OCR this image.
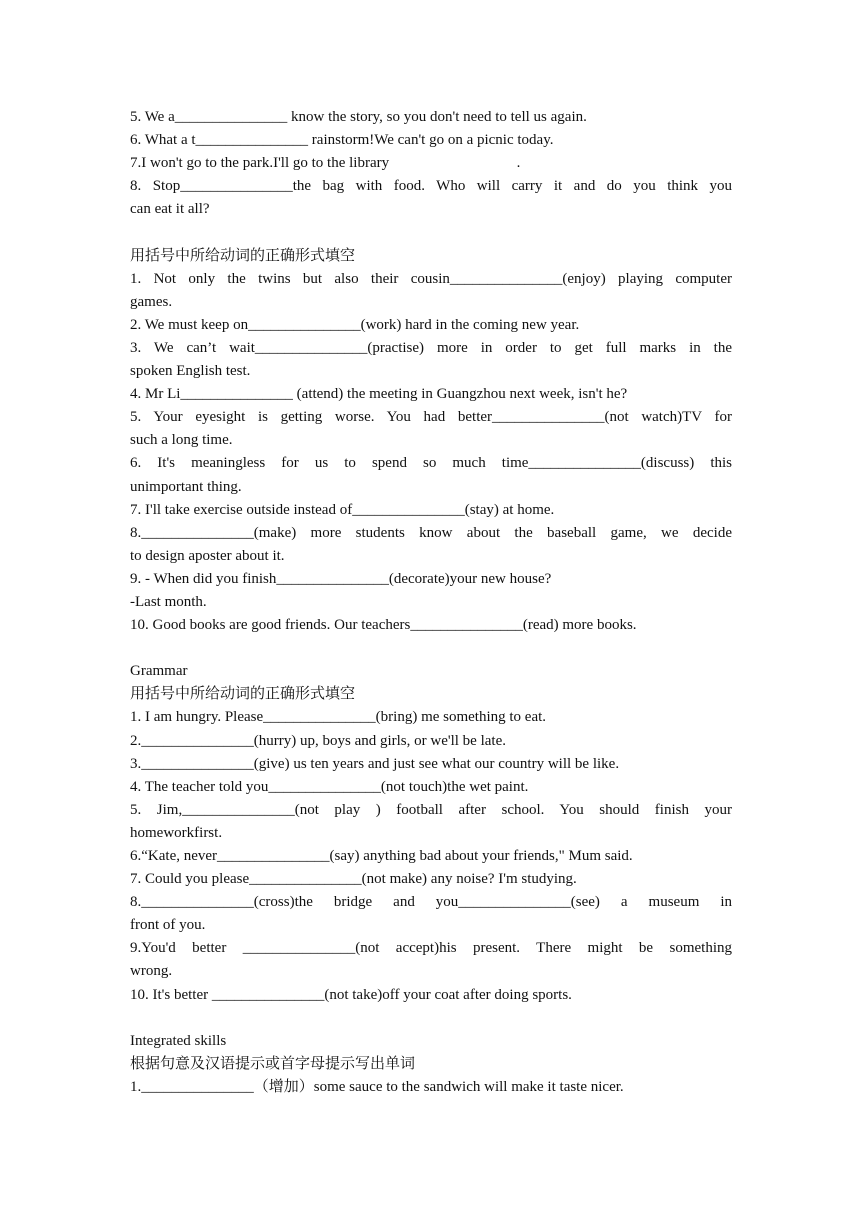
5. We a_______________ know the story, so you don't need to tell us again.
6. What a t_______________ rainstorm!We can't go on a picnic today.
7.I won't go to the park.I'll go to the library                                  .
8. Stop_______________the bag with food. Who will carry it and do you think you
can eat it all?
用括号中所给动词的正确形式填空
1. Not only the twins but also their cousin_______________(enjoy) playing computer
games.
2. We must keep on_______________(work) hard in the coming new year.
3. We can’t wait_______________(practise) more in order to get full marks in the
spoken English test.
4. Mr Li_______________ (attend) the meeting in Guangzhou next week, isn't he?
5. Your eyesight is getting worse. You had better_______________(not watch)TV for
such a long time.
6. It's meaningless for us to spend so much time_______________(discuss) this
unimportant thing.
7. I'll take exercise outside instead of_______________(stay) at home.
8._______________(make) more students know about the baseball game, we decide
to design aposter about it.
9. - When did you finish_______________(decorate)your new house?
-Last month.
10. Good books are good friends. Our teachers_______________(read) more books.
Grammar
用括号中所给动词的正确形式填空
1. I am hungry. Please_______________(bring) me something to eat.
2._______________(hurry) up, boys and girls, or we'll be late.
3._______________(give) us ten years and just see what our country will be like.
4. The teacher told you_______________(not touch)the wet paint.
5. Jim,_______________(not play ) football after school. You should finish your
homeworkfirst.
6.“Kate, never_______________(say) anything bad about your friends," Mum said.
7. Could you please_______________(not make) any noise? I'm studying.
8._______________(cross)the bridge and you_______________(see) a museum in
front of you.
9.You'd better _______________(not accept)his present. There might be something
wrong.
10. It's better _______________(not take)off your coat after doing sports.
Integrated skills
根据句意及汉语提示或首字母提示写出单词
1._______________（增加）some sauce to the sandwich will make it taste nicer.
